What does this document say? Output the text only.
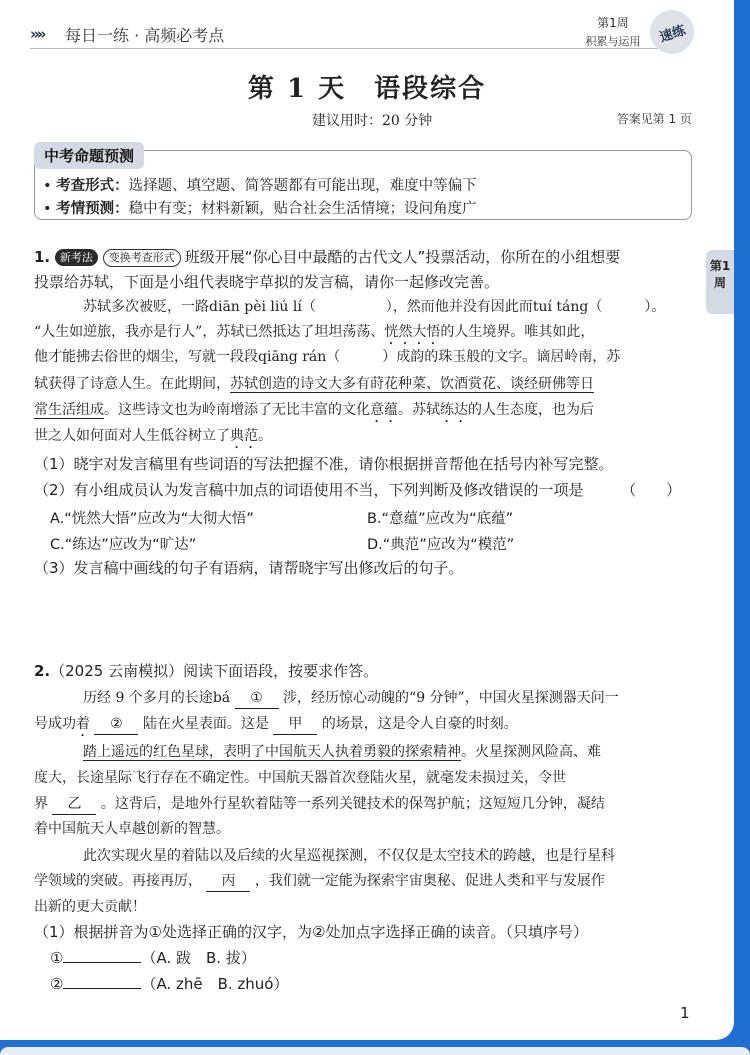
»» 每日一练 · 高频必考点
第1周
积累与运用	速练
第 1 天　语段综合
建议用时：20 分钟	答案见第 1 页
中考命题预测
• 考查形式：选择题、填空题、简答题都有可能出现，难度中等偏下
• 考情预测：稳中有变；材料新颖，贴合社会生活情境；设问角度广
第1周
1. 新考法 变换考查形式 班级开展“你心目中最酷的古代文人”投票活动，你所在的小组想要
投票给苏轼，下面是小组代表晓宇草拟的发言稿，请你一起修改完善。
苏轼多次被贬，一路diān pèi liú lí（　　　　　），然而他并没有因此而tuí táng（　　　）。
“人生如逆旅，我亦是行人”，苏轼已然抵达了坦坦荡荡、恍然大悟的人生境界。唯其如此，
他才能拂去俗世的烟尘，写就一段段qiāng rán（　　　）成韵的珠玉般的文字。谪居岭南，苏
轼获得了诗意人生。在此期间，苏轼创造的诗文大多有莳花种菜、饮酒赏花、谈经研佛等日
常生活组成。这些诗文也为岭南增添了无比丰富的文化意蕴。苏轼练达的人生态度，也为后
世之人如何面对人生低谷树立了典范。
（1）晓宇对发言稿里有些词语的写法把握不准，请你根据拼音帮他在括号内补写完整。
（2）有小组成员认为发言稿中加点的词语使用不当，下列判断及修改错误的一项是　　　	（　　）
A.“恍然大悟”应改为“大彻大悟”	B.“意蕴”应改为“底蕴”
C.“练达”应改为“旷达”	D.“典范”应改为“模范”
（3）发言稿中画线的句子有语病，请帮晓宇写出修改后的句子。
2.（2025 云南模拟）阅读下面语段，按要求作答。
历经 9 个多月的长途bá ① 涉，经历惊心动魄的“9 分钟”，中国火星探测器天问一
号成功着 ② 陆在火星表面。这是 甲 的场景，这是令人自豪的时刻。
踏上遥远的红色星球，表明了中国航天人执着勇毅的探索精神。火星探测风险高、难
度大，长途星际飞行存在不确定性。中国航天器首次登陆火星，就毫发未损过关，令世
界 乙 。这背后，是地外行星软着陆等一系列关键技术的保驾护航；这短短几分钟，凝结
着中国航天人卓越创新的智慧。
此次实现火星的着陆以及后续的火星巡视探测，不仅仅是太空技术的跨越，也是行星科
学领域的突破。再接再厉， 丙 ，我们就一定能为探索宇宙奥秘、促进人类和平与发展作
出新的更大贡献！
（1）根据拼音为①处选择正确的汉字，为②处加点字选择正确的读音。（只填序号）
①	（A. 跋　B. 拔）
②	（A. zhē　B. zhuó）
1
